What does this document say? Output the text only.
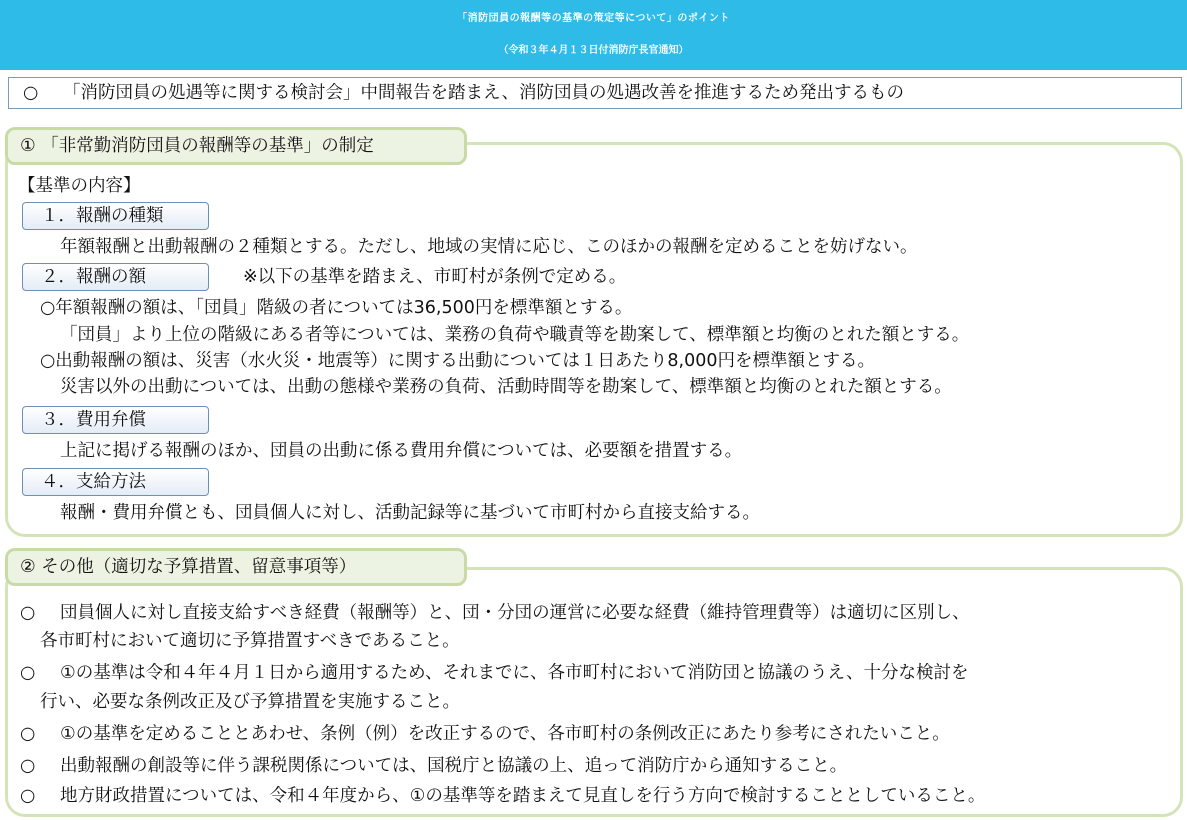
「消防団員の報酬等の基準の策定等について」のポイント
（令和３年４月１３日付消防庁長官通知）
○ 「消防団員の処遇等に関する検討会」中間報告を踏まえ、消防団員の処遇改善を推進するため発出するもの
① 「非常勤消防団員の報酬等の基準」の制定
【基準の内容】
１．報酬の種類
年額報酬と出動報酬の２種類とする。ただし、地域の実情に応じ、このほかの報酬を定めることを妨げない。
２．報酬の額	※以下の基準を踏まえ、市町村が条例で定める。
○年額報酬の額は、「団員」階級の者については36,500円を標準額とする。
「団員」より上位の階級にある者等については、業務の負荷や職責等を勘案して、標準額と均衡のとれた額とする。
○出動報酬の額は、災害（水火災・地震等）に関する出動については１日あたり8,000円を標準額とする。
災害以外の出動については、出動の態様や業務の負荷、活動時間等を勘案して、標準額と均衡のとれた額とする。
３．費用弁償
上記に掲げる報酬のほか、団員の出動に係る費用弁償については、必要額を措置する。
４．支給方法
報酬・費用弁償とも、団員個人に対し、活動記録等に基づいて市町村から直接支給する。
② その他（適切な予算措置、留意事項等）
○ 団員個人に対し直接支給すべき経費（報酬等）と、団・分団の運営に必要な経費（維持管理費等）は適切に区別し、
各市町村において適切に予算措置すべきであること。
○ ①の基準は令和４年４月１日から適用するため、それまでに、各市町村において消防団と協議のうえ、十分な検討を
行い、必要な条例改正及び予算措置を実施すること。
○ ①の基準を定めることとあわせ、条例（例）を改正するので、各市町村の条例改正にあたり参考にされたいこと。
○ 出動報酬の創設等に伴う課税関係については、国税庁と協議の上、追って消防庁から通知すること。
○ 地方財政措置については、令和４年度から、①の基準等を踏まえて見直しを行う方向で検討することとしていること。
